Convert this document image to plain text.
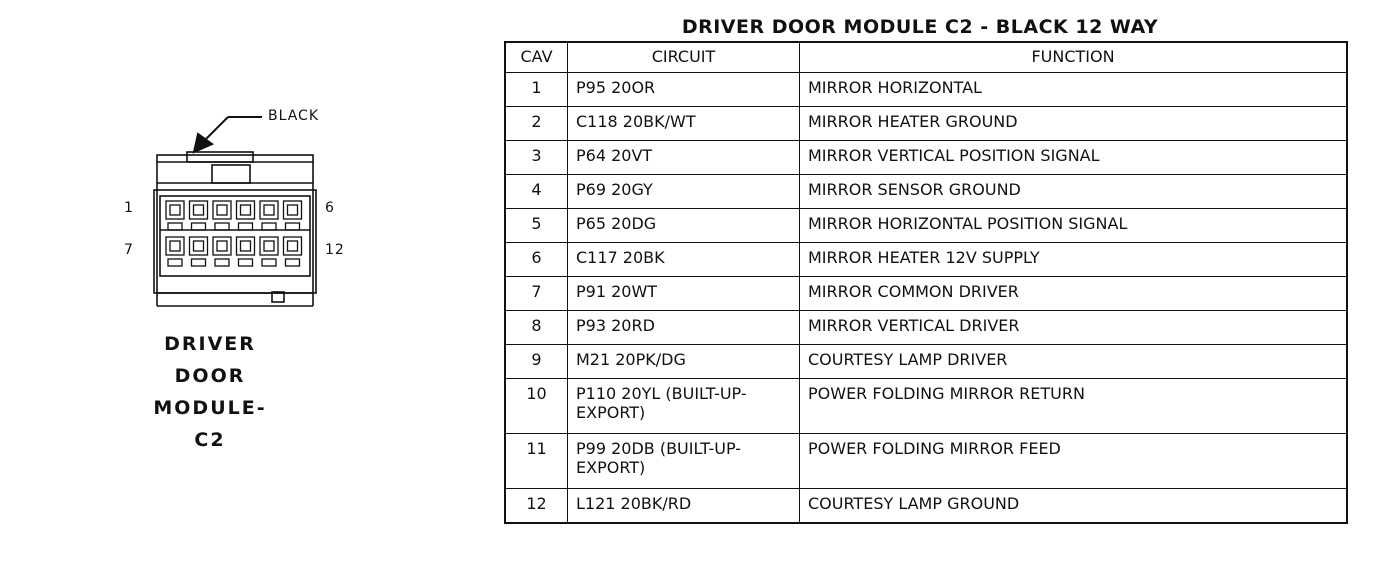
BLACK
1	6
7	12
DRIVER
DOOR
MODULE-C2
DRIVER DOOR MODULE C2 - BLACK 12 WAY
CAV	CIRCUIT	FUNCTION
1	P95 20OR	MIRROR HORIZONTAL
2	C118 20BK/WT	MIRROR HEATER GROUND
3	P64 20VT	MIRROR VERTICAL POSITION SIGNAL
4	P69 20GY	MIRROR SENSOR GROUND
5	P65 20DG	MIRROR HORIZONTAL POSITION SIGNAL
6	C117 20BK	MIRROR HEATER 12V SUPPLY
7	P91 20WT	MIRROR COMMON DRIVER
8	P93 20RD	MIRROR VERTICAL DRIVER
9	M21 20PK/DG	COURTESY LAMP DRIVER
10	P110 20YL (BUILT-UP-EXPORT)	POWER FOLDING MIRROR RETURN
11	P99 20DB (BUILT-UP-EXPORT)	POWER FOLDING MIRROR FEED
12	L121 20BK/RD	COURTESY LAMP GROUND
